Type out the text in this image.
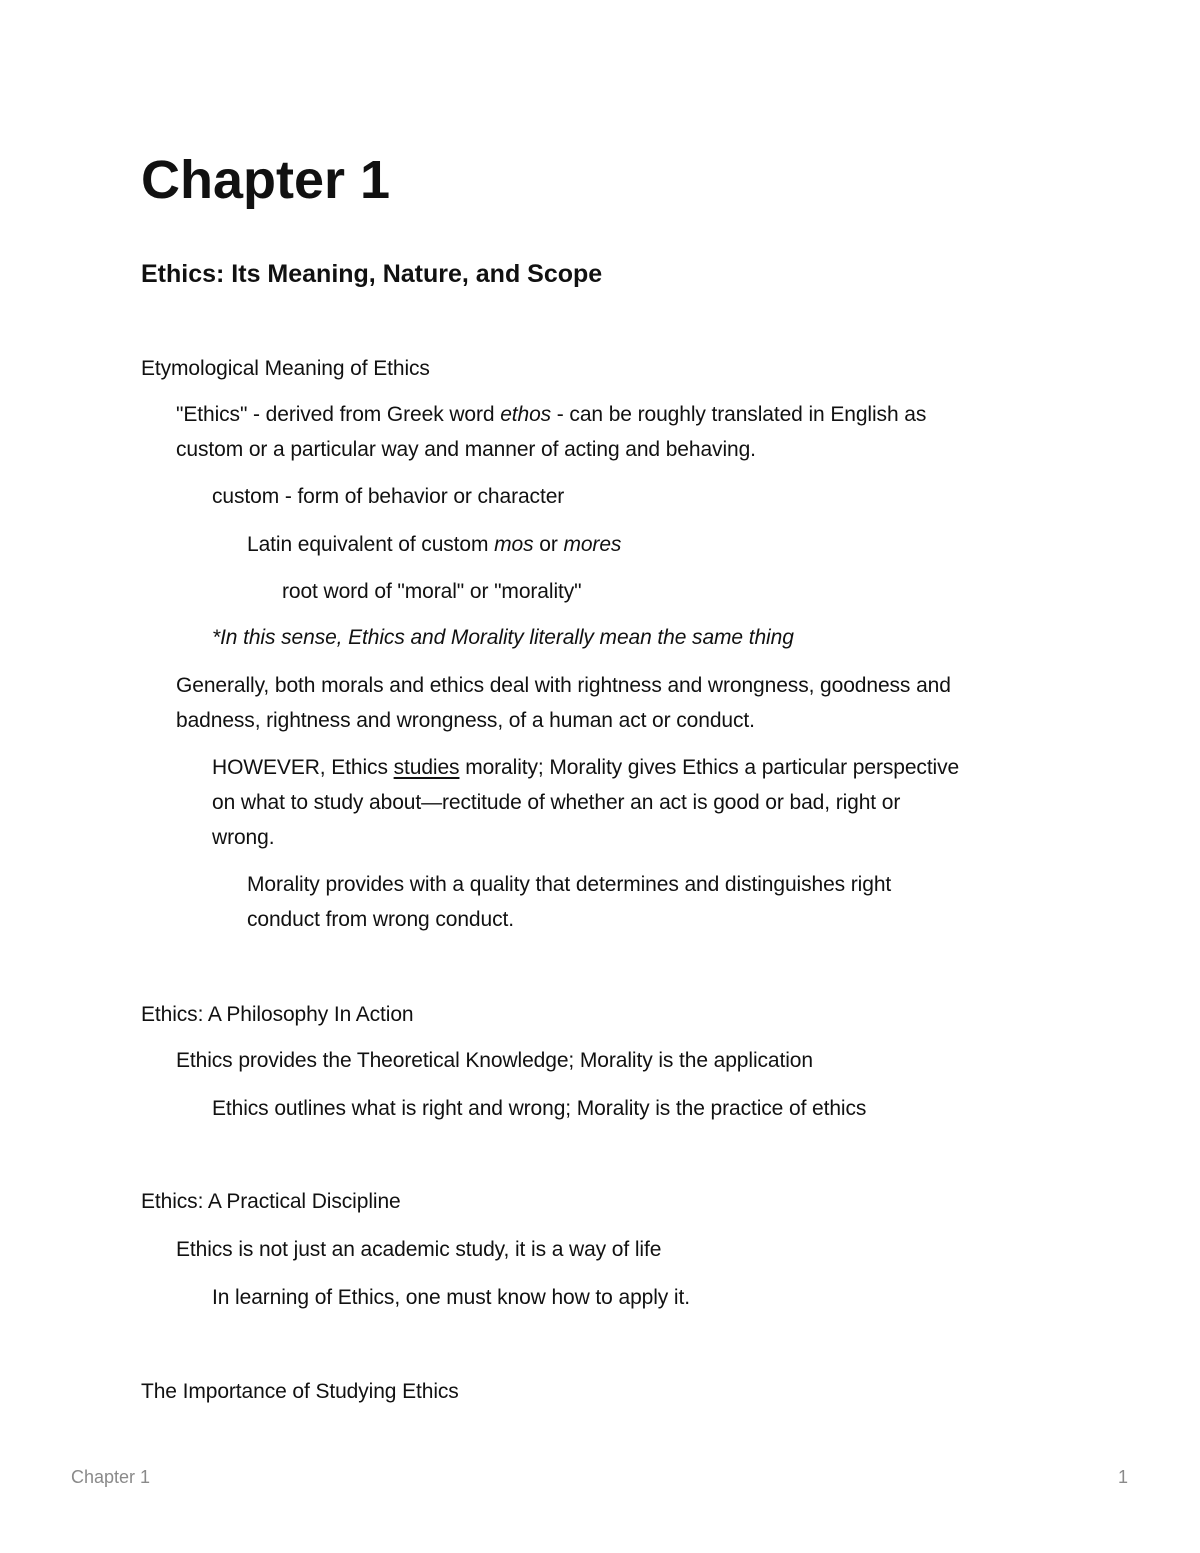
Chapter 1
Ethics: Its Meaning, Nature, and Scope

Etymological Meaning of Ethics

"Ethics" - derived from Greek word ethos - can be roughly translated in English as

custom or a particular way and manner of acting and behaving.

custom - form of behavior or character

Latin equivalent of custom mos or mores

root word of "moral" or "morality"

*In this sense, Ethics and Morality literally mean the same thing

Generally, both morals and ethics deal with rightness and wrongness, goodness and

badness, rightness and wrongness, of a human act or conduct.

HOWEVER, Ethics studies morality; Morality gives Ethics a particular perspective

on what to study about—rectitude of whether an act is good or bad, right or

wrong.

Morality provides with a quality that determines and distinguishes right

conduct from wrong conduct.

Ethics: A Philosophy In Action

Ethics provides the Theoretical Knowledge; Morality is the application

Ethics outlines what is right and wrong; Morality is the practice of ethics

Ethics: A Practical Discipline

Ethics is not just an academic study, it is a way of life

In learning of Ethics, one must know how to apply it.

The Importance of Studying Ethics

Chapter 1	1
